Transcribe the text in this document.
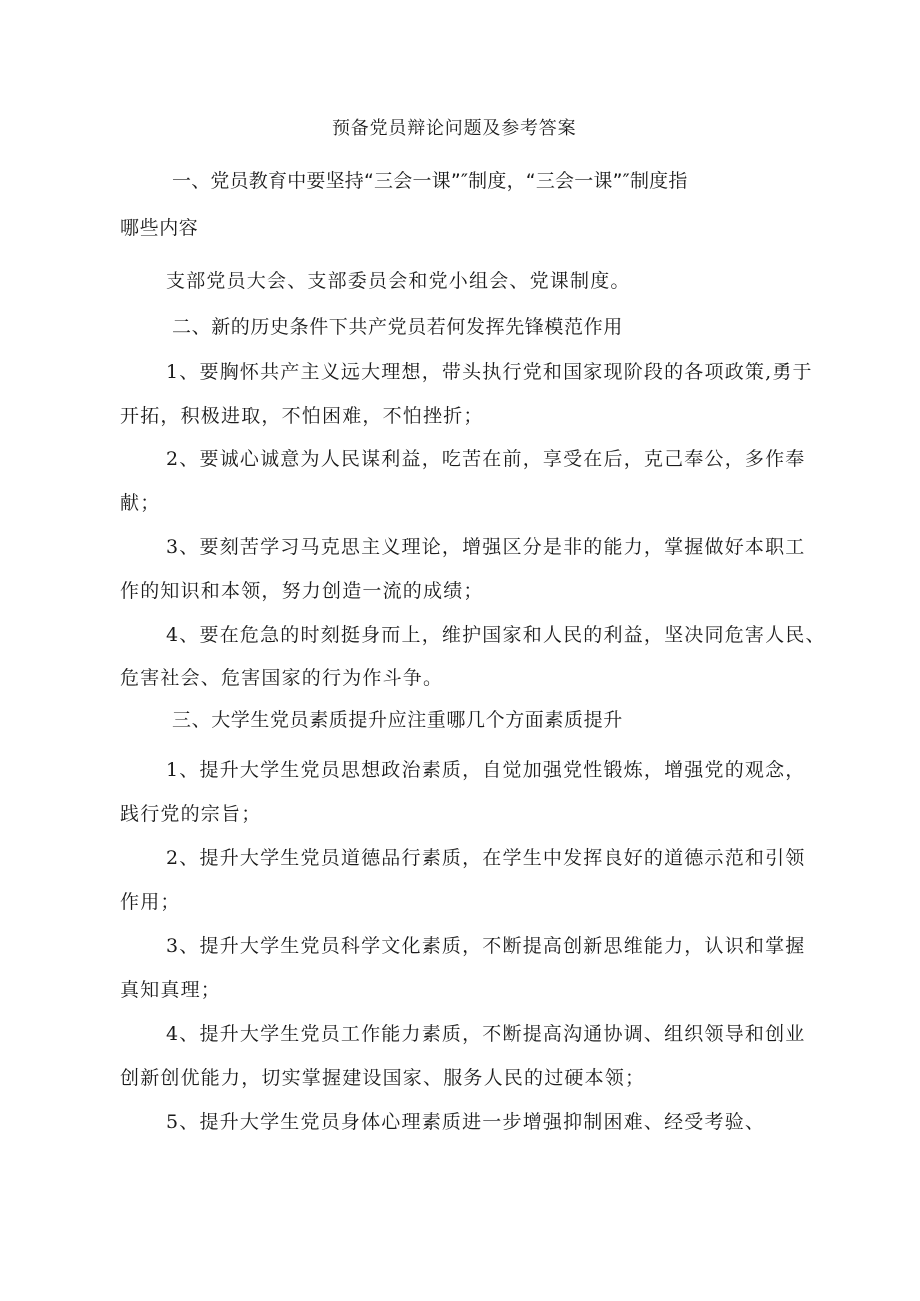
预备党员辩论问题及参考答案
一、党员教育中要坚持“三会一课”″制度，“三会一课”″制度指
哪些内容
支部党员大会、支部委员会和党小组会、党课制度。
二、新的历史条件下共产党员若何发挥先锋模范作用
1、要胸怀共产主义远大理想，带头执行党和国家现阶段的各项政策,勇于
开拓，积极进取，不怕困难，不怕挫折；
2、要诚心诚意为人民谋利益，吃苦在前，享受在后，克己奉公，多作奉
献；
3、要刻苦学习马克思主义理论，增强区分是非的能力，掌握做好本职工
作的知识和本领，努力创造一流的成绩；
4、要在危急的时刻挺身而上，维护国家和人民的利益，坚决同危害人民、
危害社会、危害国家的行为作斗争。
三、大学生党员素质提升应注重哪几个方面素质提升
1、提升大学生党员思想政治素质，自觉加强党性锻炼，增强党的观念，
践行党的宗旨；
2、提升大学生党员道德品行素质，在学生中发挥良好的道德示范和引领
作用；
3、提升大学生党员科学文化素质，不断提高创新思维能力，认识和掌握
真知真理；
4、提升大学生党员工作能力素质，不断提高沟通协调、组织领导和创业
创新创优能力，切实掌握建设国家、服务人民的过硬本领；
5、提升大学生党员身体心理素质进一步增强抑制困难、经受考验、
